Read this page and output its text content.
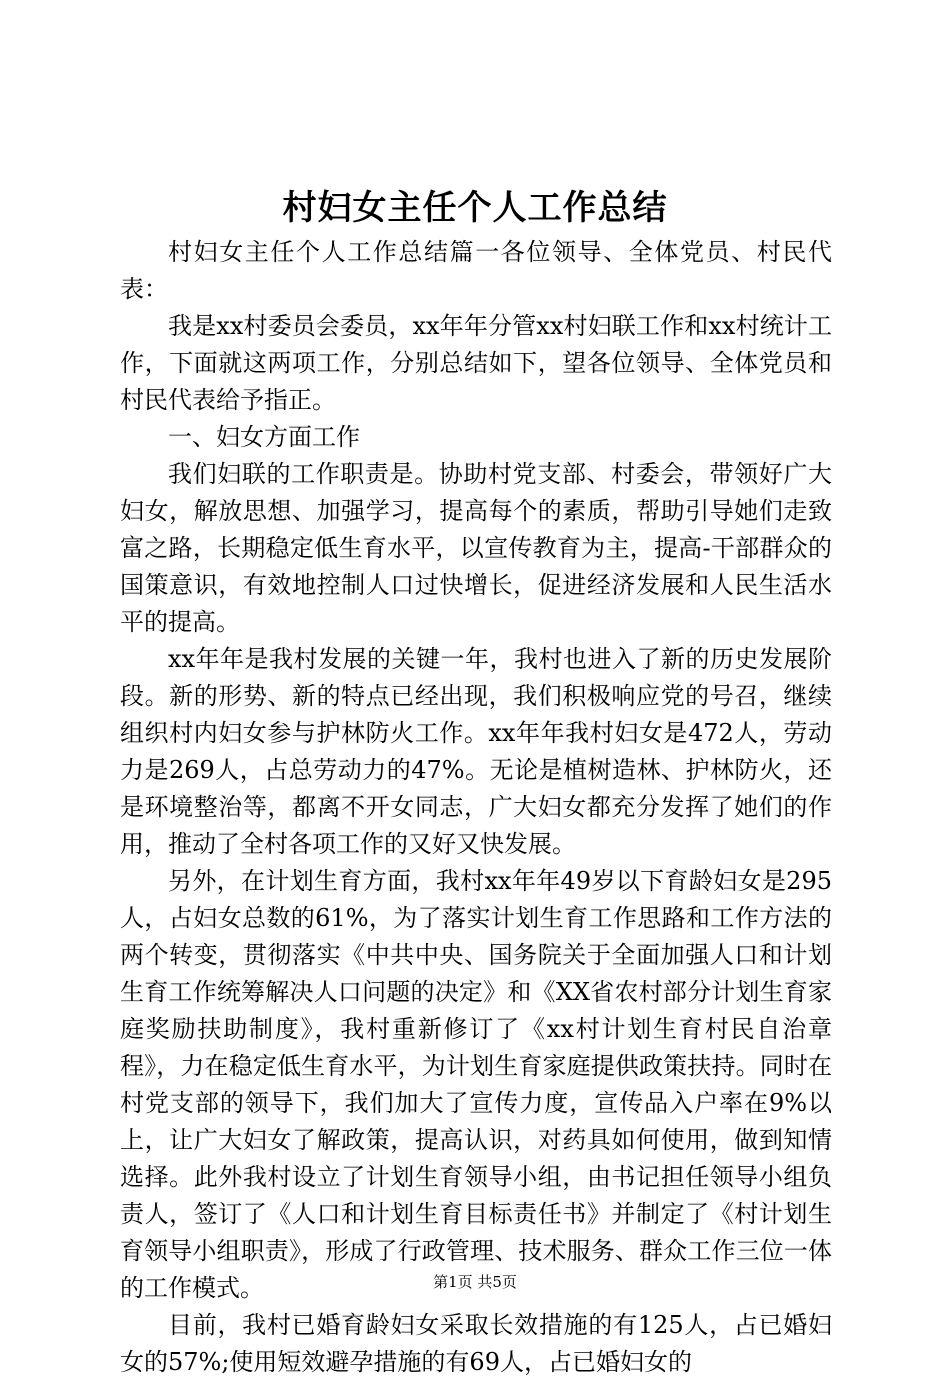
村妇女主任个人工作总结

村妇女主任个人工作总结篇一各位领导、全体党员、村民代表：

我是xx村委员会委员，xx年年分管xx村妇联工作和xx村统计工作，下面就这两项工作，分别总结如下，望各位领导、全体党员和村民代表给予指正。

一、妇女方面工作

我们妇联的工作职责是。协助村党支部、村委会，带领好广大妇女，解放思想、加强学习，提高每个的素质，帮助引导她们走致富之路，长期稳定低生育水平，以宣传教育为主，提高-干部群众的国策意识，有效地控制人口过快增长，促进经济发展和人民生活水平的提高。

xx年年是我村发展的关键一年，我村也进入了新的历史发展阶段。新的形势、新的特点已经出现，我们积极响应党的号召，继续组织村内妇女参与护林防火工作。xx年年我村妇女是472人，劳动力是269人，占总劳动力的47%。无论是植树造林、护林防火，还是环境整治等，都离不开女同志，广大妇女都充分发挥了她们的作用，推动了全村各项工作的又好又快发展。

另外，在计划生育方面，我村xx年年49岁以下育龄妇女是295人，占妇女总数的61%，为了落实计划生育工作思路和工作方法的两个转变，贯彻落实《中共中央、国务院关于全面加强人口和计划生育工作统筹解决人口问题的决定》和《XX省农村部分计划生育家庭奖励扶助制度》，我村重新修订了《xx村计划生育村民自治章程》，力在稳定低生育水平，为计划生育家庭提供政策扶持。同时在村党支部的领导下，我们加大了宣传力度，宣传品入户率在9%以上，让广大妇女了解政策，提高认识，对药具如何使用，做到知情选择。此外我村设立了计划生育领导小组，由书记担任领导小组负责人，签订了《人口和计划生育目标责任书》并制定了《村计划生育领导小组职责》，形成了行政管理、技术服务、群众工作三位一体的工作模式。

目前，我村已婚育龄妇女采取长效措施的有125人，占已婚妇女的57%;使用短效避孕措施的有69人，占已婚妇女的

第1页 共5页
